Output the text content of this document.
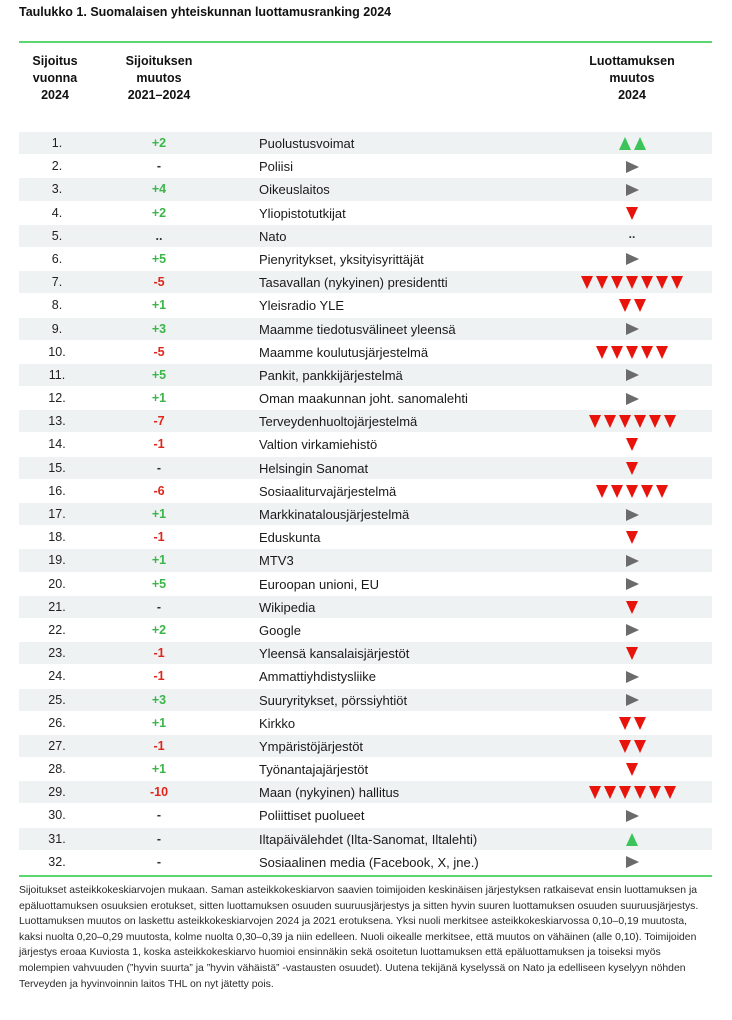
Taulukko 1. Suomalaisen yhteiskunnan luottamusranking 2024
Sijoitus
vuonna
2024
Sijoituksen
muutos
2021–2024
Luottamuksen
muutos
2024
1.	+2	Puolustusvoimat
2.	-	Poliisi
3.	+4	Oikeuslaitos
4.	+2	Yliopistotutkijat
5.	..	Nato	..
6.	+5	Pienyritykset, yksityisyrittäjät
7.	-5	Tasavallan (nykyinen) presidentti
8.	+1	Yleisradio YLE
9.	+3	Maamme tiedotusvälineet yleensä
10.	-5	Maamme koulutusjärjestelmä
11.	+5	Pankit, pankkijärjestelmä
12.	+1	Oman maakunnan joht. sanomalehti
13.	-7	Terveydenhuoltojärjestelmä
14.	-1	Valtion virkamiehistö
15.	-	Helsingin Sanomat
16.	-6	Sosiaaliturvajärjestelmä
17.	+1	Markkinatalousjärjestelmä
18.	-1	Eduskunta
19.	+1	MTV3
20.	+5	Euroopan unioni, EU
21.	-	Wikipedia
22.	+2	Google
23.	-1	Yleensä kansalaisjärjestöt
24.	-1	Ammattiyhdistysliike
25.	+3	Suuryritykset, pörssiyhtiöt
26.	+1	Kirkko
27.	-1	Ympäristöjärjestöt
28.	+1	Työnantajajärjestöt
29.	-10	Maan (nykyinen) hallitus
30.	-	Poliittiset puolueet
31.	-	Iltapäivälehdet (Ilta-Sanomat, Iltalehti)
32.	-	Sosiaalinen media (Facebook, X, jne.)
Sijoitukset asteikkokeskiarvojen mukaan. Saman asteikkokeskiarvon saavien toimijoiden keskinäisen järjestyksen ratkaisevat ensin luottamuksen ja epäluottamuksen osuuksien erotukset, sitten luottamuksen osuuden suuruusjärjestys ja sitten hyvin suuren luottamuksen osuuden suuruusjärjestys. Luottamuksen muutos on laskettu asteikkokeskiarvojen 2024 ja 2021 erotuksena. Yksi nuoli merkitsee asteikkokeskiarvossa 0,10–0,19 muutosta, kaksi nuolta 0,20–0,29 muutosta, kolme nuolta 0,30–0,39 ja niin edelleen. Nuoli oikealle merkitsee, että muutos on vähäinen (alle 0,10). Toimijoiden järjestys eroaa Kuviosta 1, koska asteikkokeskiarvo huomioi ensinnäkin sekä osoitetun luottamuksen että epäluottamuksen ja toiseksi myös molempien vahvuuden (”hyvin suurta” ja ”hyvin vähäistä” -vastausten osuudet). Uutena tekijänä kyselyssä on Nato ja edelliseen kyselyyn nöhden Terveyden ja hyvinvoinnin laitos THL on nyt jätetty pois.
